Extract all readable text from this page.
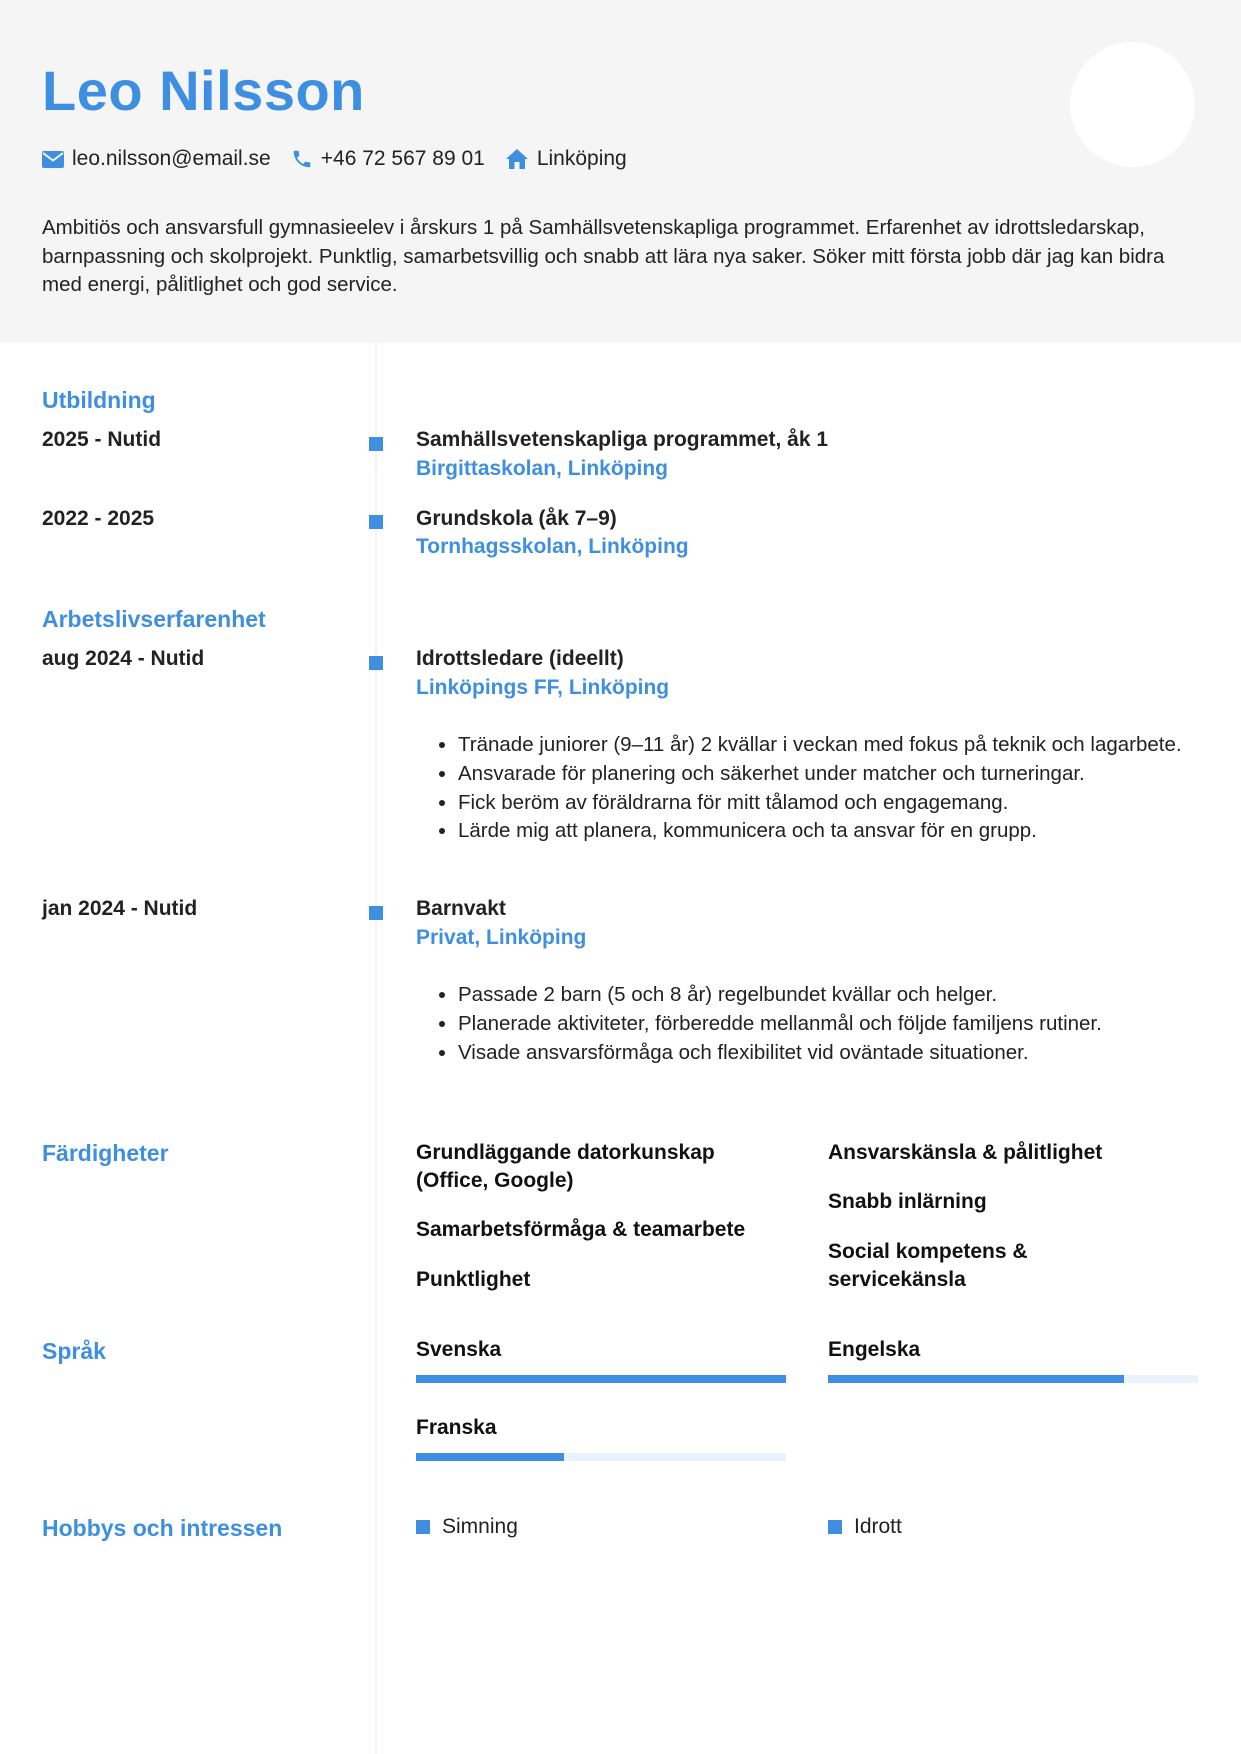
Leo Nilsson
leo.nilsson@email.se +46 72 567 89 01 Linköping

Ambitiös och ansvarsfull gymnasieelev i årskurs 1 på Samhällsvetenskapliga programmet. Erfarenhet av idrottsledarskap, barnpassning och skolprojekt. Punktlig, samarbetsvillig och snabb att lära nya saker. Söker mitt första jobb där jag kan bidra med energi, pålitlighet och god service.

Utbildning
2025 - Nutid	Samhällsvetenskapliga programmet, åk 1
Birgittaskolan, Linköping
2022 - 2025	Grundskola (åk 7–9)
Tornhagsskolan, Linköping
Arbetslivserfarenhet
aug 2024 - Nutid	Idrottsledare (ideellt)
Linköpings FF, Linköping
• Tränade juniorer (9–11 år) 2 kvällar i veckan med fokus på teknik och lagarbete.
• Ansvarade för planering och säkerhet under matcher och turneringar.
• Fick beröm av föräldrarna för mitt tålamod och engagemang.
• Lärde mig att planera, kommunicera och ta ansvar för en grupp.
jan 2024 - Nutid	Barnvakt
Privat, Linköping
• Passade 2 barn (5 och 8 år) regelbundet kvällar och helger.
• Planerade aktiviteter, förberedde mellanmål och följde familjens rutiner.
• Visade ansvarsförmåga och flexibilitet vid oväntade situationer.
Färdigheter	Grundläggande datorkunskap (Office, Google)
Samarbetsförmåga & teamarbete
Punktlighet
Ansvarskänsla & pålitlighet
Snabb inlärning
Social kompetens & servicekänsla
Språk	Svenska	Engelska
Franska
Hobbys och intressen	Simning	Idrott
